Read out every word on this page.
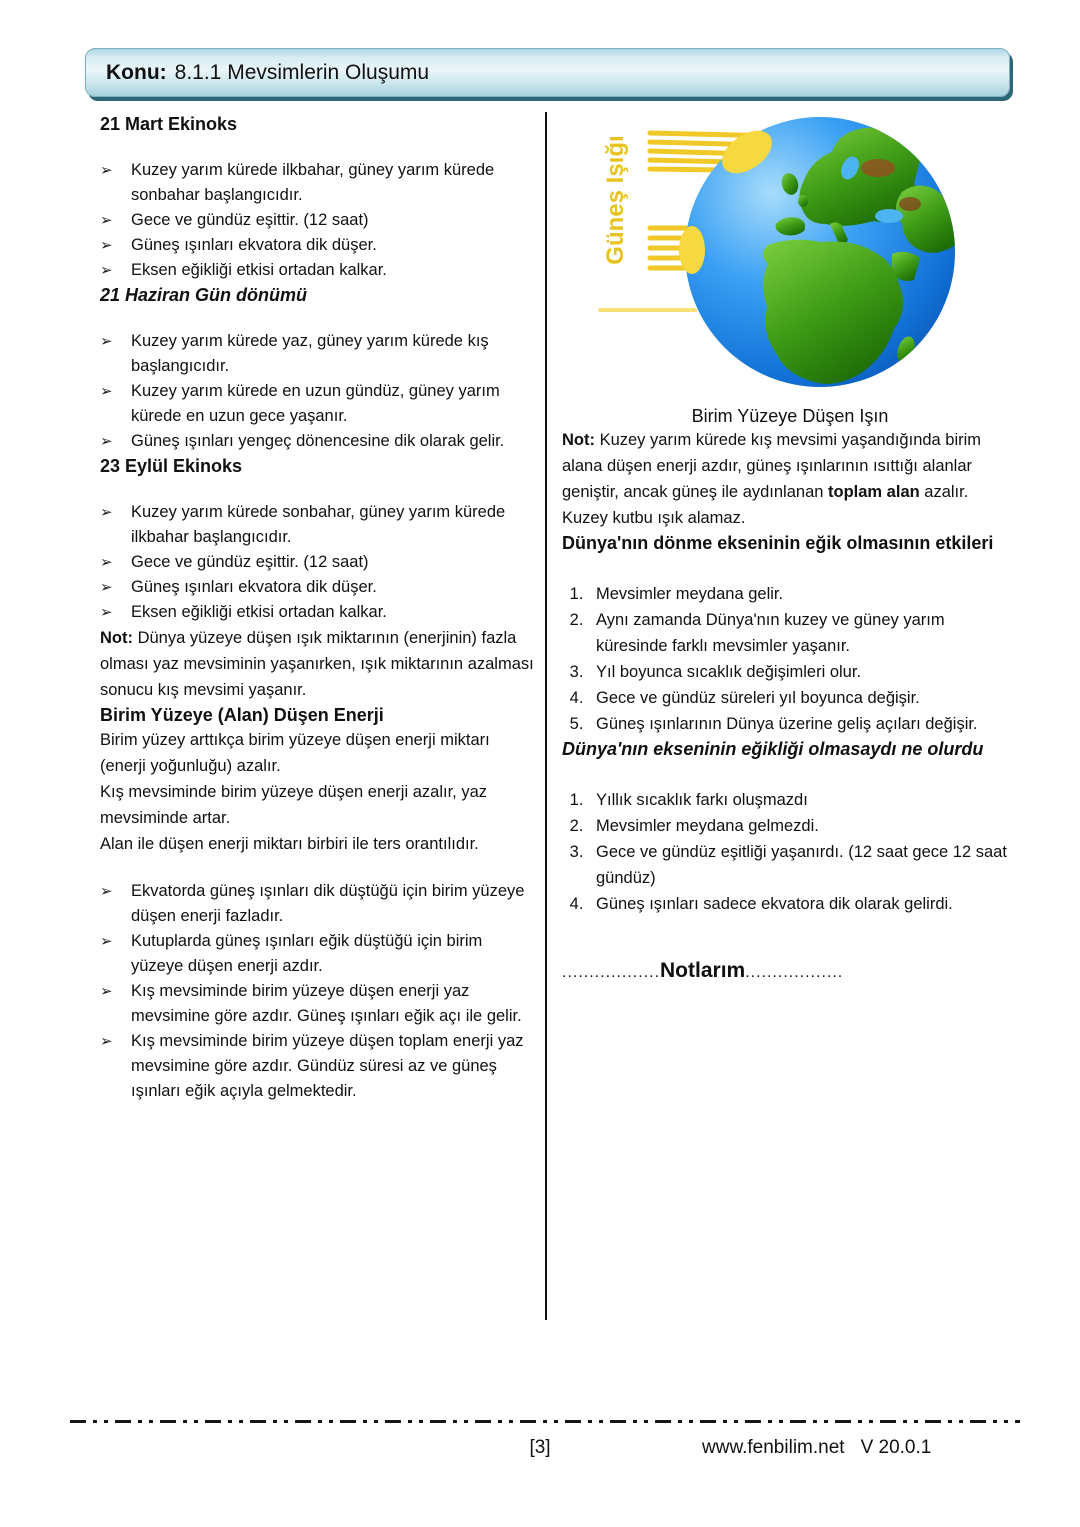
Konu: 8.1.1 Mevsimlerin Oluşumu
21 Mart Ekinoks
➢	Kuzey yarım kürede ilkbahar, güney yarım kürede sonbahar başlangıcıdır.
➢	Gece ve gündüz eşittir. (12 saat)
➢	Güneş ışınları ekvatora dik düşer.
➢	Eksen eğikliği etkisi ortadan kalkar.
21 Haziran Gün dönümü
➢	Kuzey yarım kürede yaz, güney yarım kürede kış başlangıcıdır.
➢	Kuzey yarım kürede en uzun gündüz, güney yarım kürede en uzun gece yaşanır.
➢	Güneş ışınları yengeç dönencesine dik olarak gelir.
23 Eylül Ekinoks
➢	Kuzey yarım kürede sonbahar, güney yarım kürede ilkbahar başlangıcıdır.
➢	Gece ve gündüz eşittir. (12 saat)
➢	Güneş ışınları ekvatora dik düşer.
➢	Eksen eğikliği etkisi ortadan kalkar.

Not: Dünya yüzeye düşen ışık miktarının (enerjinin) fazla olması yaz mevsiminin yaşanırken, ışık miktarının azalması sonucu kış mevsimi yaşanır.

Birim Yüzeye (Alan) Düşen Enerji

Birim yüzey arttıkça birim yüzeye düşen enerji miktarı (enerji yoğunluğu) azalır.

Kış mevsiminde birim yüzeye düşen enerji azalır, yaz mevsiminde artar.

Alan ile düşen enerji miktarı birbiri ile ters orantılıdır.

➢	Ekvatorda güneş ışınları dik düştüğü için birim yüzeye düşen enerji fazladır.
➢	Kutuplarda güneş ışınları eğik düştüğü için birim yüzeye düşen enerji azdır.
➢	Kış mevsiminde birim yüzeye düşen enerji yaz mevsimine göre azdır. Güneş ışınları eğik açı ile gelir.
➢	Kış mevsiminde birim yüzeye düşen toplam enerji yaz mevsimine göre azdır. Gündüz süresi az ve güneş ışınları eğik açıyla gelmektedir.
Güneş Işığı
Birim Yüzeye Düşen Işın

Not: Kuzey yarım kürede kış mevsimi yaşandığında birim alana düşen enerji azdır, güneş ışınlarının ısıttığı alanlar geniştir, ancak güneş ile aydınlanan toplam alan azalır. Kuzey kutbu ışık alamaz.

Dünya'nın dönme ekseninin eğik olmasının etkileri
1. Mevsimler meydana gelir.
2. Aynı zamanda Dünya'nın kuzey ve güney yarım küresinde farklı mevsimler yaşanır.
3. Yıl boyunca sıcaklık değişimleri olur.
4. Gece ve gündüz süreleri yıl boyunca değişir.
5. Güneş ışınlarının Dünya üzerine geliş açıları değişir.
Dünya'nın ekseninin eğikliği olmasaydı ne olurdu
1. Yıllık sıcaklık farkı oluşmazdı
2. Mevsimler meydana gelmezdi.
3. Gece ve gündüz eşitliği yaşanırdı. (12 saat gece 12 saat gündüz)
4. Güneş ışınları sadece ekvatora dik olarak gelirdi.
..................Notlarım..................
[3]	www.fenbilim.net V 20.0.1
